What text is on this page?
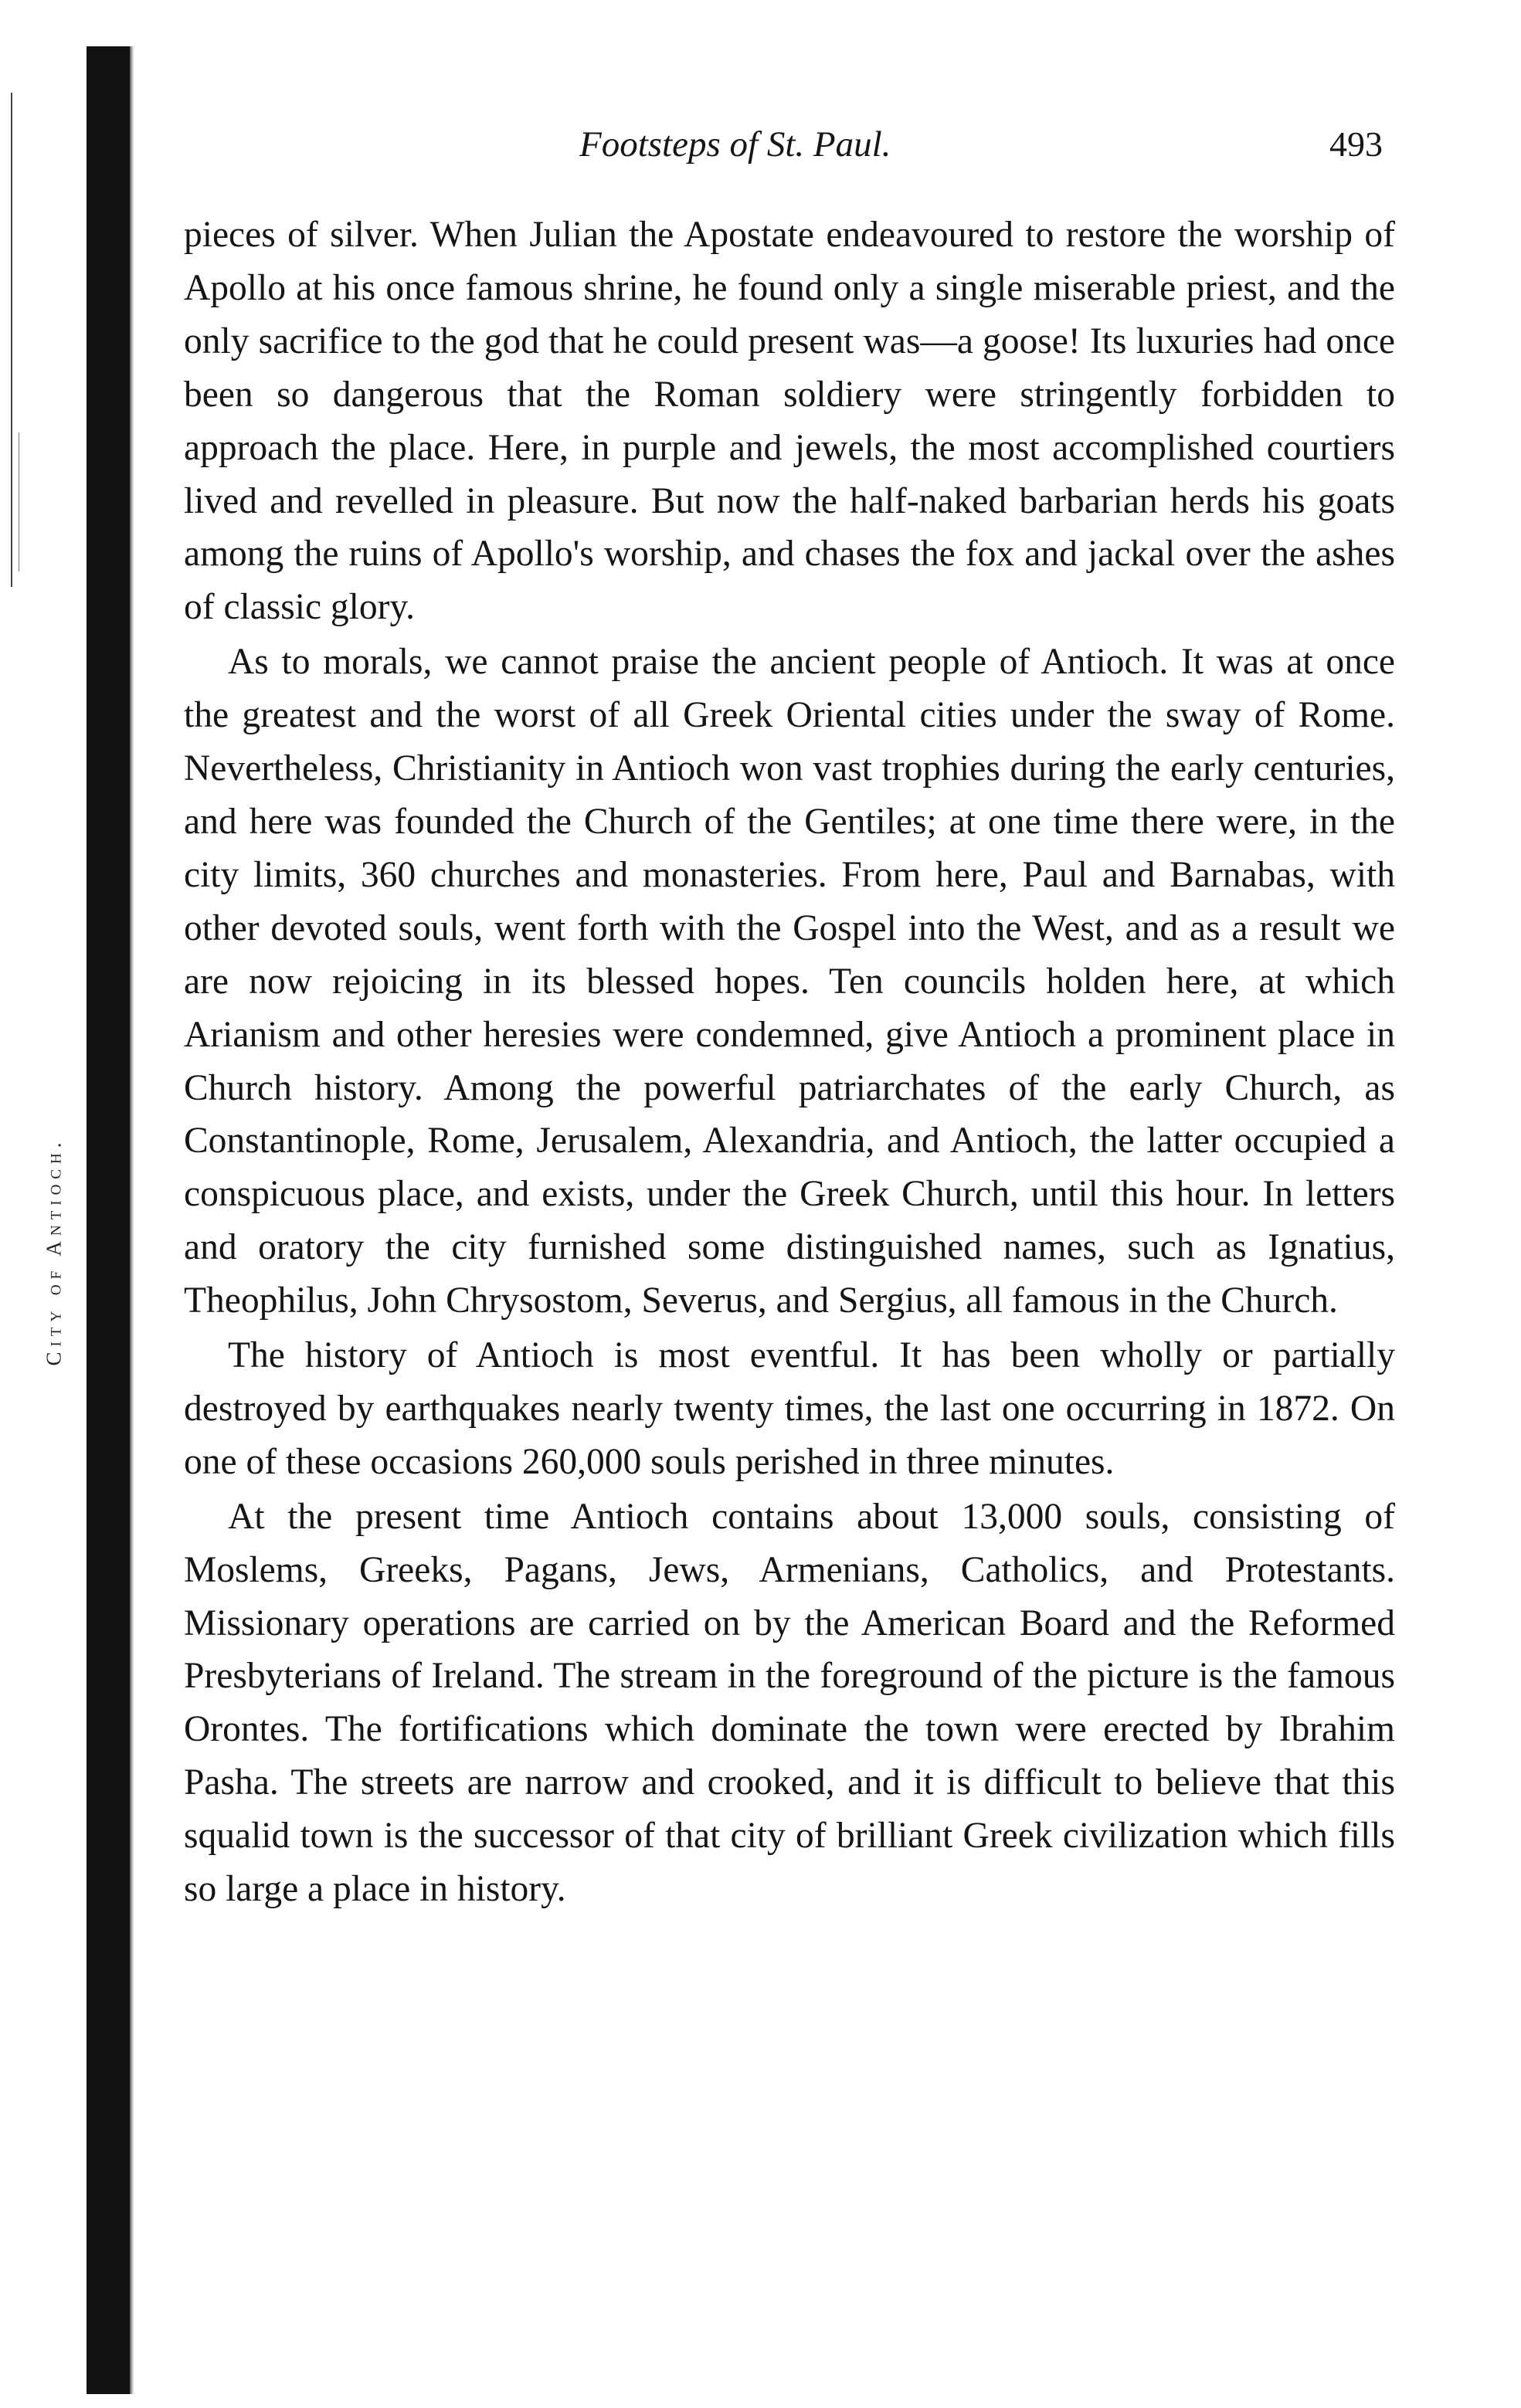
City of Antioch.
Footsteps of St. Paul.	493

pieces of silver. When Julian the Apostate endeavoured to restore the worship of Apollo at his once famous shrine, he found only a single miserable priest, and the only sacrifice to the god that he could present was—a goose! Its luxuries had once been so dangerous that the Roman soldiery were stringently forbidden to approach the place. Here, in purple and jewels, the most accomplished courtiers lived and revelled in pleasure. But now the half-naked barbarian herds his goats among the ruins of Apollo's worship, and chases the fox and jackal over the ashes of classic glory.

As to morals, we cannot praise the ancient people of Antioch. It was at once the greatest and the worst of all Greek Oriental cities under the sway of Rome. Nevertheless, Christianity in Antioch won vast trophies during the early centuries, and here was founded the Church of the Gentiles; at one time there were, in the city limits, 360 churches and monasteries. From here, Paul and Barnabas, with other devoted souls, went forth with the Gospel into the West, and as a result we are now rejoicing in its blessed hopes. Ten councils holden here, at which Arianism and other heresies were condemned, give Antioch a prominent place in Church history. Among the powerful patriarchates of the early Church, as Constantinople, Rome, Jerusalem, Alexandria, and Antioch, the latter occupied a conspicuous place, and exists, under the Greek Church, until this hour. In letters and oratory the city furnished some distinguished names, such as Ignatius, Theophilus, John Chrysostom, Severus, and Sergius, all famous in the Church.

The history of Antioch is most eventful. It has been wholly or partially destroyed by earthquakes nearly twenty times, the last one occurring in 1872. On one of these occasions 260,000 souls perished in three minutes.

At the present time Antioch contains about 13,000 souls, consisting of Moslems, Greeks, Pagans, Jews, Armenians, Catholics, and Protestants. Missionary operations are carried on by the American Board and the Reformed Presbyterians of Ireland. The stream in the foreground of the picture is the famous Orontes. The fortifications which dominate the town were erected by Ibrahim Pasha. The streets are narrow and crooked, and it is difficult to believe that this squalid town is the successor of that city of brilliant Greek civilization which fills so large a place in history.
